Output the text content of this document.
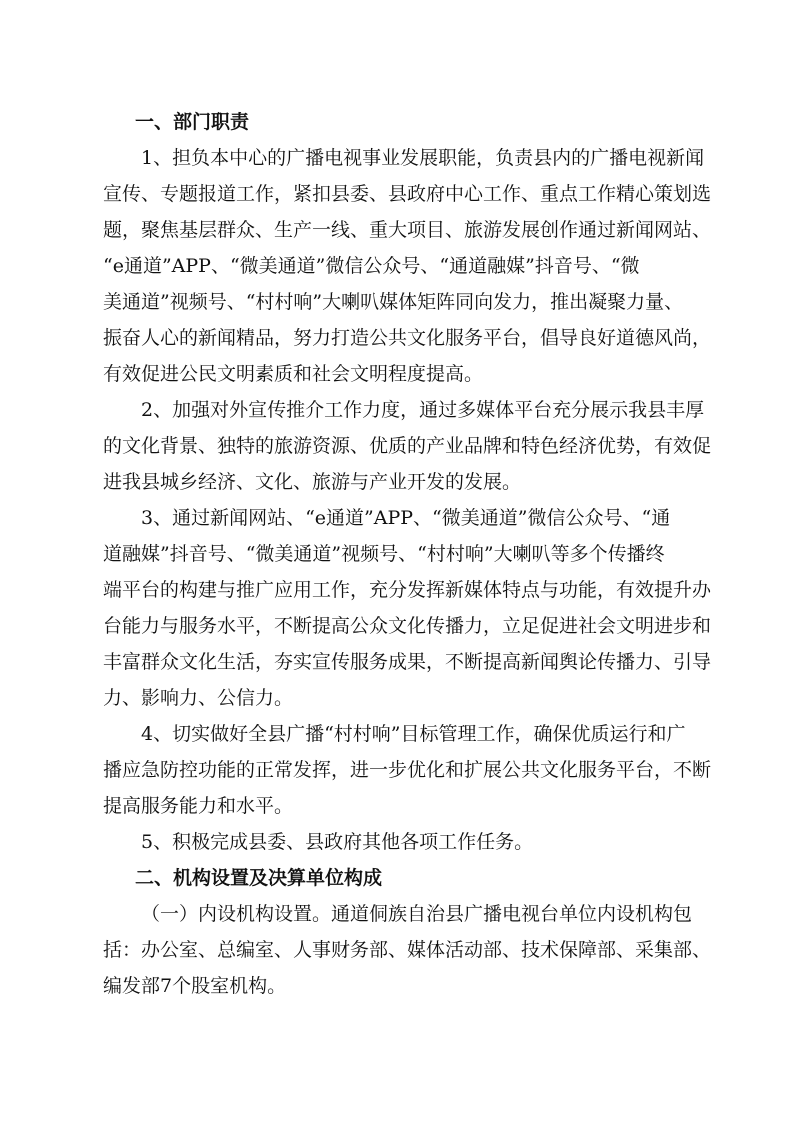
一、部门职责
1、担负本中心的广播电视事业发展职能，负责县内的广播电视新闻
宣传、专题报道工作，紧扣县委、县政府中心工作、重点工作精心策划选
题，聚焦基层群众、生产一线、重大项目、旅游发展创作通过新闻网站、
“e通道”APP、“微美通道”微信公众号、“通道融媒”抖音号、“微
美通道”视频号、“村村响”大喇叭媒体矩阵同向发力，推出凝聚力量、
振奋人心的新闻精品，努力打造公共文化服务平台，倡导良好道德风尚，
有效促进公民文明素质和社会文明程度提高。
2、加强对外宣传推介工作力度，通过多媒体平台充分展示我县丰厚
的文化背景、独特的旅游资源、优质的产业品牌和特色经济优势，有效促
进我县城乡经济、文化、旅游与产业开发的发展。
3、通过新闻网站、“e通道”APP、“微美通道”微信公众号、“通
道融媒”抖音号、“微美通道”视频号、“村村响”大喇叭等多个传播终
端平台的构建与推广应用工作，充分发挥新媒体特点与功能，有效提升办
台能力与服务水平，不断提高公众文化传播力，立足促进社会文明进步和
丰富群众文化生活，夯实宣传服务成果，不断提高新闻舆论传播力、引导
力、影响力、公信力。
4、切实做好全县广播“村村响”目标管理工作，确保优质运行和广
播应急防控功能的正常发挥，进一步优化和扩展公共文化服务平台，不断
提高服务能力和水平。
5、积极完成县委、县政府其他各项工作任务。
二、机构设置及决算单位构成
（一）内设机构设置。通道侗族自治县广播电视台单位内设机构包
括：办公室、总编室、人事财务部、媒体活动部、技术保障部、采集部、
编发部7个股室机构。
